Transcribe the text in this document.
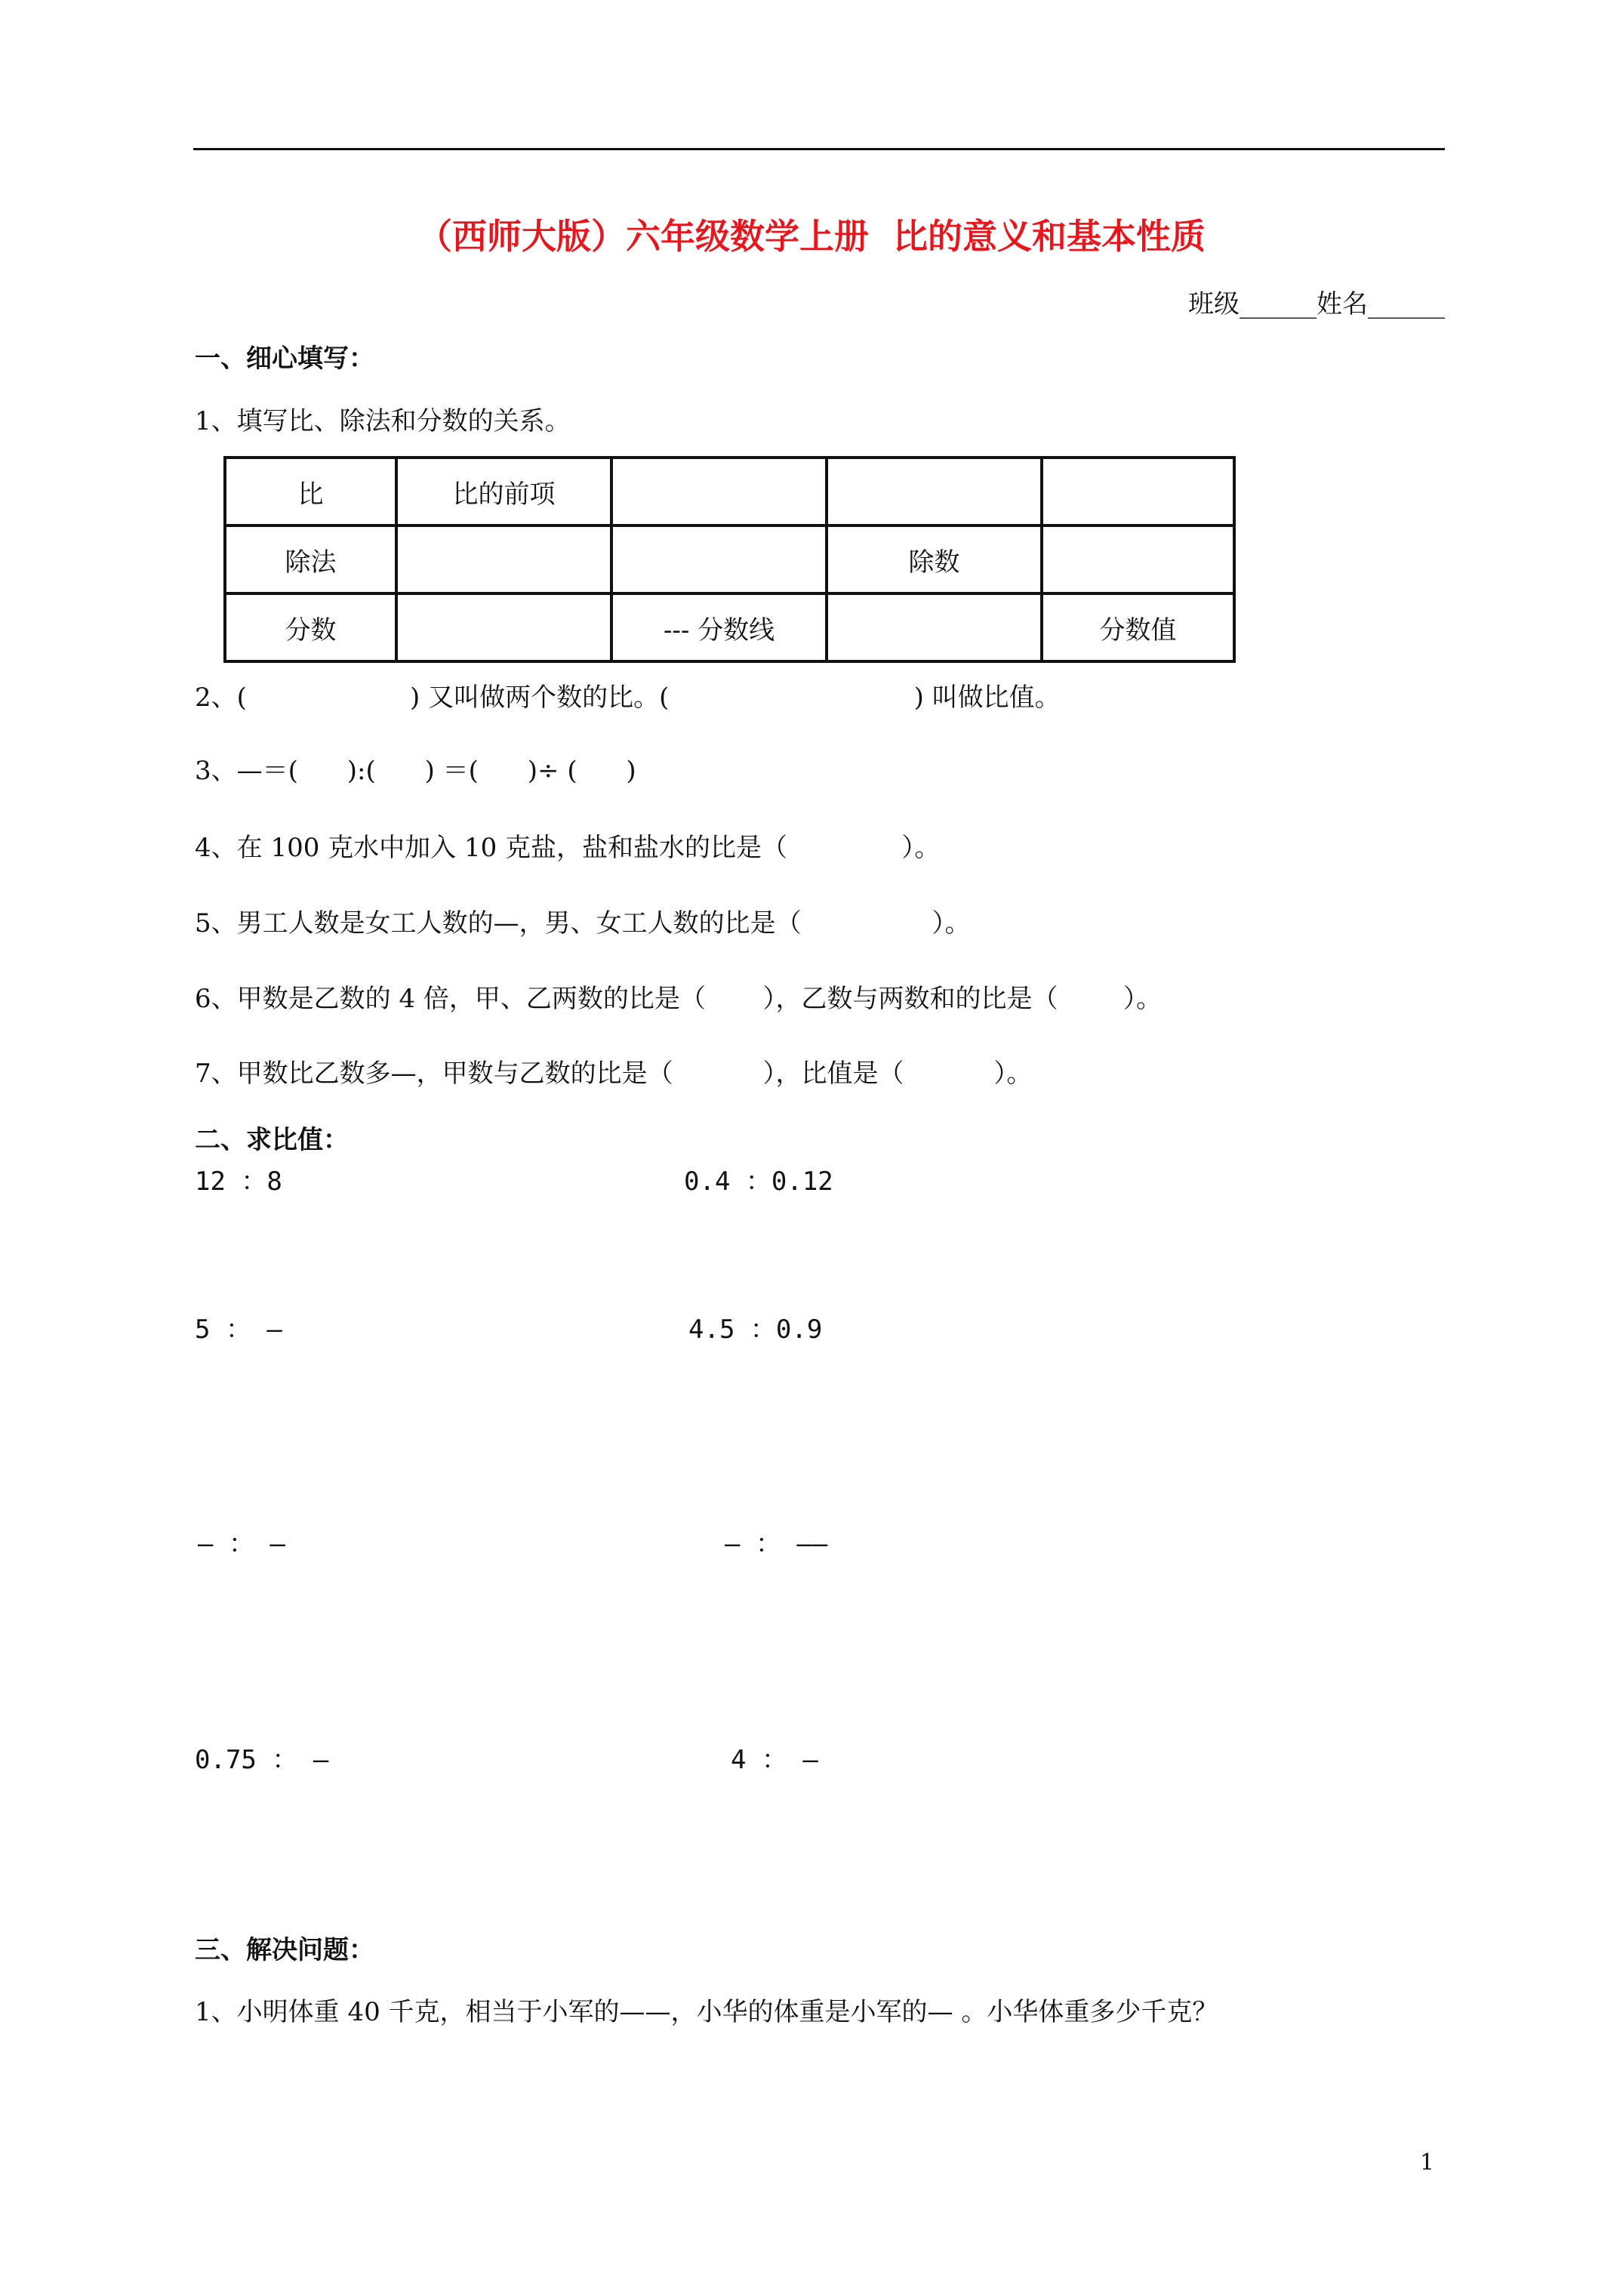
（西师大版）六年级数学上册  比的意义和基本性质
班级______姓名______
一、细心填写：
1、填写比、除法和分数的关系。
比	比的前项			
除法			除数	
分数		--- 分数线		分数值
2、(                    ) 又叫做两个数的比。(                              ) 叫做比值。
3、—＝(      ):(      ) ＝(      )÷ (      )
4、在 100 克水中加入 10 克盐，盐和盐水的比是（              ）。
5、男工人数是女工人数的—，男、女工人数的比是（                ）。
6、甲数是乙数的 4 倍，甲、乙两数的比是（       ），乙数与两数和的比是（        ）。
7、甲数比乙数多—，甲数与乙数的比是（           ），比值是（           ）。
二、求比值：
12 ：8	0.4 ：0.12
5 ： —	4.5 ：0.9
— ： —	— ： ——
0.75 ： —	4 ： —
三、解决问题：
1、小明体重 40 千克，相当于小军的——，小华的体重是小军的— 。小华体重多少千克？
1
